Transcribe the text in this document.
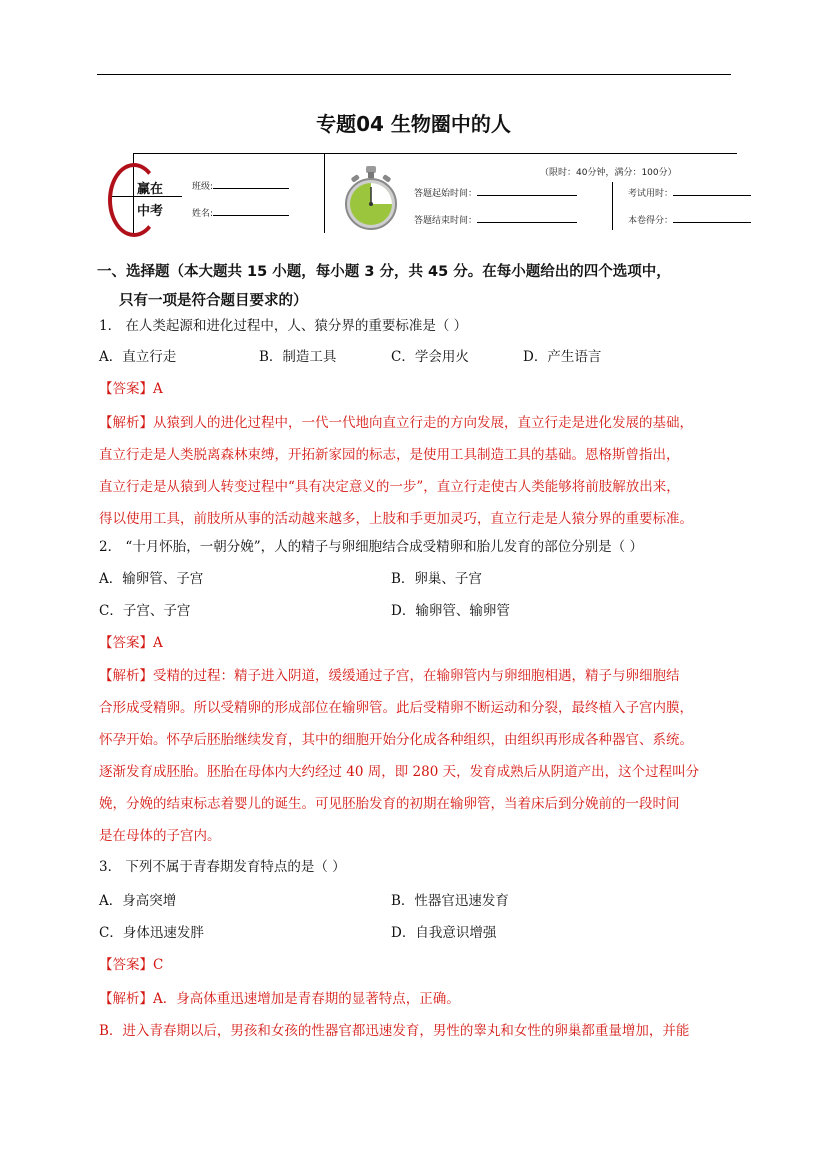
专题04 生物圈中的人
赢在
中考
班级:
姓名:
（限时：40分钟，满分：100分）
答题起始时间：
答题结束时间：
考试用时：
本卷得分：
一、选择题（本大题共 15 小题，每小题 3 分，共 45 分。在每小题给出的四个选项中，
只有一项是符合题目要求的）
1． 在人类起源和进化过程中，人、猿分界的重要标准是（ ）
A．直立行走	B．制造工具	C．学会用火	D．产生语言
【答案】A
【解析】从猿到人的进化过程中，一代一代地向直立行走的方向发展，直立行走是进化发展的基础，
直立行走是人类脱离森林束缚，开拓新家园的标志，是使用工具制造工具的基础。恩格斯曾指出，
直立行走是从猿到人转变过程中“具有决定意义的一步”，直立行走使古人类能够将前肢解放出来，
得以使用工具，前肢所从事的活动越来越多，上肢和手更加灵巧，直立行走是人猿分界的重要标准。
2． “十月怀胎，一朝分娩”，人的精子与卵细胞结合成受精卵和胎儿发育的部位分别是（ ）
A．输卵管、子宫	B．卵巢、子宫
C．子宫、子宫	D．输卵管、输卵管
【答案】A
【解析】受精的过程：精子进入阴道，缓缓通过子宫，在输卵管内与卵细胞相遇，精子与卵细胞结
合形成受精卵。所以受精卵的形成部位在输卵管。此后受精卵不断运动和分裂，最终植入子宫内膜，
怀孕开始。怀孕后胚胎继续发育，其中的细胞开始分化成各种组织，由组织再形成各种器官、系统。
逐渐发育成胚胎。胚胎在母体内大约经过 40 周，即 280 天，发育成熟后从阴道产出，这个过程叫分
娩，分娩的结束标志着婴儿的诞生。可见胚胎发育的初期在输卵管，当着床后到分娩前的一段时间
是在母体的子宫内。
3． 下列不属于青春期发育特点的是（ ）
A．身高突增	B．性器官迅速发育
C．身体迅速发胖	D．自我意识增强
【答案】C
【解析】A．身高体重迅速增加是青春期的显著特点，正确。
B．进入青春期以后，男孩和女孩的性器官都迅速发育，男性的睾丸和女性的卵巢都重量增加，并能
